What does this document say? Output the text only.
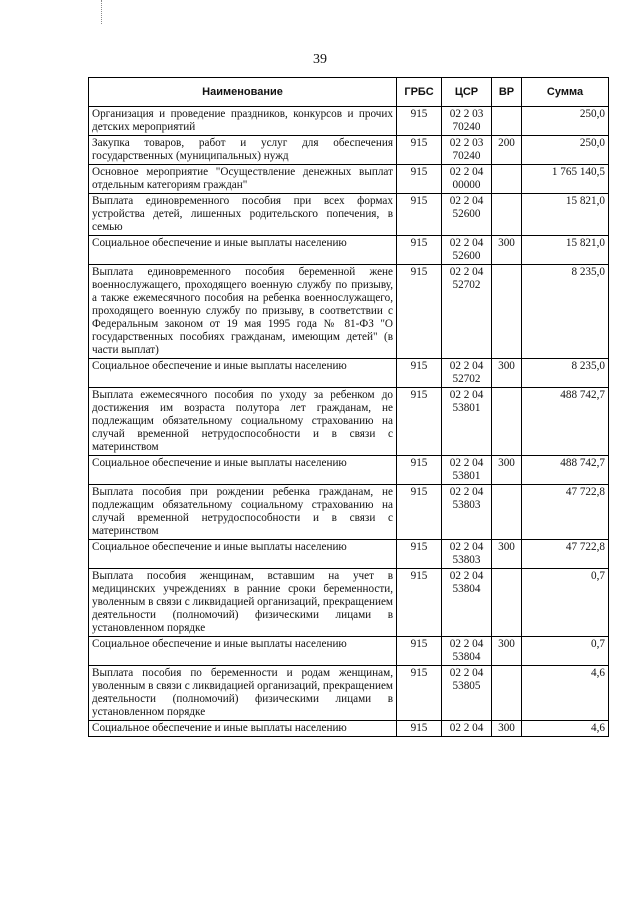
39
Наименование	ГРБС	ЦСР	ВР	Сумма
Организация и проведение праздников, конкурсов и прочих детских мероприятий	915	02 2 03 70240		250,0
Закупка товаров, работ и услуг для обеспечения государственных (муниципальных) нужд	915	02 2 03 70240	200	250,0
Основное мероприятие "Осуществление денежных выплат отдельным категориям граждан"	915	02 2 04 00000		1 765 140,5
Выплата единовременного пособия при всех формах устройства детей, лишенных родительского попечения, в семью	915	02 2 04 52600		15 821,0
Социальное обеспечение и иные выплаты населению	915	02 2 04 52600	300	15 821,0
Выплата единовременного пособия беременной жене военнослужащего, проходящего военную службу по призыву, а также ежемесячного пособия на ребенка военнослужащего, проходящего военную службу по призыву, в соответствии с Федеральным законом от 19 мая 1995 года № 81-ФЗ "О государственных пособиях гражданам, имеющим детей" (в части выплат)	915	02 2 04 52702		8 235,0
Социальное обеспечение и иные выплаты населению	915	02 2 04 52702	300	8 235,0
Выплата ежемесячного пособия по уходу за ребенком до достижения им возраста полутора лет гражданам, не подлежащим обязательному социальному страхованию на случай временной нетрудоспособности и в связи с материнством	915	02 2 04 53801		488 742,7
Социальное обеспечение и иные выплаты населению	915	02 2 04 53801	300	488 742,7
Выплата пособия при рождении ребенка гражданам, не подлежащим обязательному социальному страхованию на случай временной нетрудоспособности и в связи с материнством	915	02 2 04 53803		47 722,8
Социальное обеспечение и иные выплаты населению	915	02 2 04 53803	300	47 722,8
Выплата пособия женщинам, вставшим на учет в медицинских учреждениях в ранние сроки беременности, уволенным в связи с ликвидацией организаций, прекращением деятельности (полномочий) физическими лицами в установленном порядке	915	02 2 04 53804		0,7
Социальное обеспечение и иные выплаты населению	915	02 2 04 53804	300	0,7
Выплата пособия по беременности и родам женщинам, уволенным в связи с ликвидацией организаций, прекращением деятельности (полномочий) физическими лицами в установленном порядке	915	02 2 04 53805		4,6
Социальное обеспечение и иные выплаты населению	915	02 2 04	300	4,6
